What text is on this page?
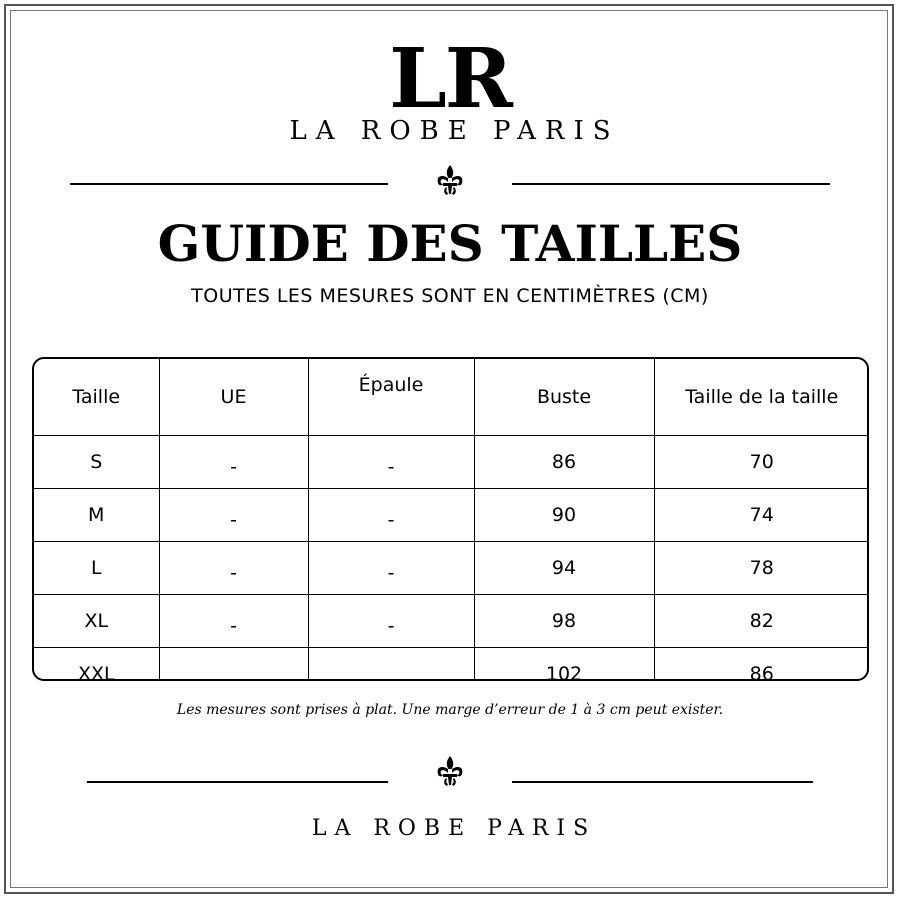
LR
LA ROBE PARIS
GUIDE DES TAILLES
TOUTES LES MESURES SONT EN CENTIMÈTRES (CM)
Taille	UE	Épaule	Buste	Taille de la taille
S	-	-	86	70
M	-	-	90	74
L	-	-	94	78
XL	-	-	98	82
XXL	-	-	102	86
Les mesures sont prises à plat. Une marge d’erreur de 1 à 3 cm peut exister.
LA ROBE PARIS
